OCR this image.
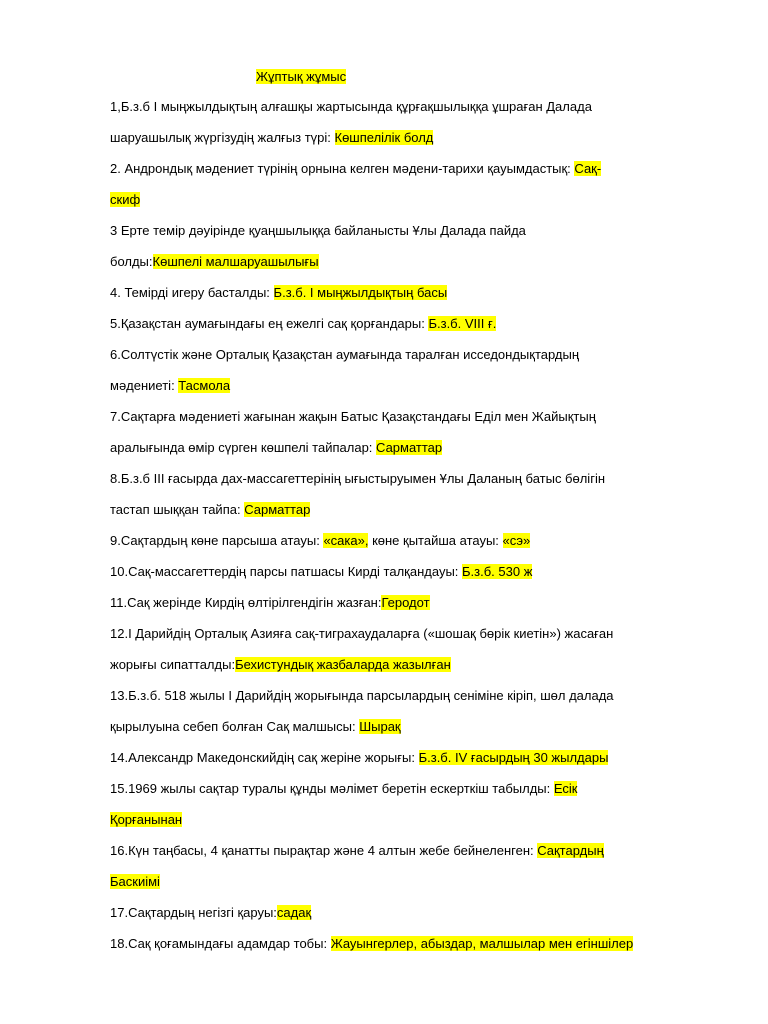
Жұптық жұмыс
1,Б.з.б I мыңжылдықтың алғашқы жартысында құрғақшылыққа ұшраған Далада
шаруашылық жүргізудің жалғыз түрі: Көшпелілік болд
2. Андрондық мәдениет түрінің орнына келген мәдени-тарихи қауымдастық: Сақ-
скиф
3 Ерте темір дәуірінде қуаңшылыққа байланысты Ұлы Далада пайда
болды:Көшпелі малшаруашылығы
4. Темірді игеру басталды: Б.з.б. I мыңжылдықтың басы
5.Қазақстан аумағындағы ең ежелгі сақ қорғандары: Б.з.б. VIII ғ.
6.Солтүстік және Орталық Қазақстан аумағында таралған исседондықтардың
мәдениеті: Тасмола
7.Сақтарға мәдениеті жағынан жақын Батыс Қазақстандағы Еділ мен Жайықтың
аралығында өмір сүрген көшпелі тайпалар: Сарматтар
8.Б.з.б III ғасырда дах-массагеттерінің ығыстыруымен Ұлы Даланың батыс бөлігін
тастап шыққан тайпа: Сарматтар
9.Сақтардың көне парсыша атауы: «сака», көне қытайша атауы: «сэ»
10.Сақ-массагеттердің парсы патшасы Кирді талқандауы: Б.з.б. 530 ж
11.Сақ жерінде Кирдің өлтірілгендігін жазған:Геродот
12.I Дарийдің Орталық Азияға сақ-тиграхаудаларға («шошақ бөрік киетін») жасаған
жорығы сипатталды:Бехистундық жазбаларда жазылған
13.Б.з.б. 518 жылы I Дарийдің жорығында парсылардың сеніміне кіріп, шөл далада
қырылуына себеп болған Сақ малшысы: Шырақ
14.Александр Македонскийдің сақ жеріне жорығы: Б.з.б. IV ғасырдың 30 жылдары
15.1969 жылы сақтар туралы құнды мәлімет беретін ескерткіш табылды: Есік
Қорғанынан
16.Күн таңбасы, 4 қанатты пырақтар және 4 алтын жебе бейнеленген: Сақтардың
Баскиімі
17.Сақтардың негізгі қаруы:садақ
18.Сақ қоғамындағы адамдар тобы: Жауынгерлер, абыздар, малшылар мен егіншілер
